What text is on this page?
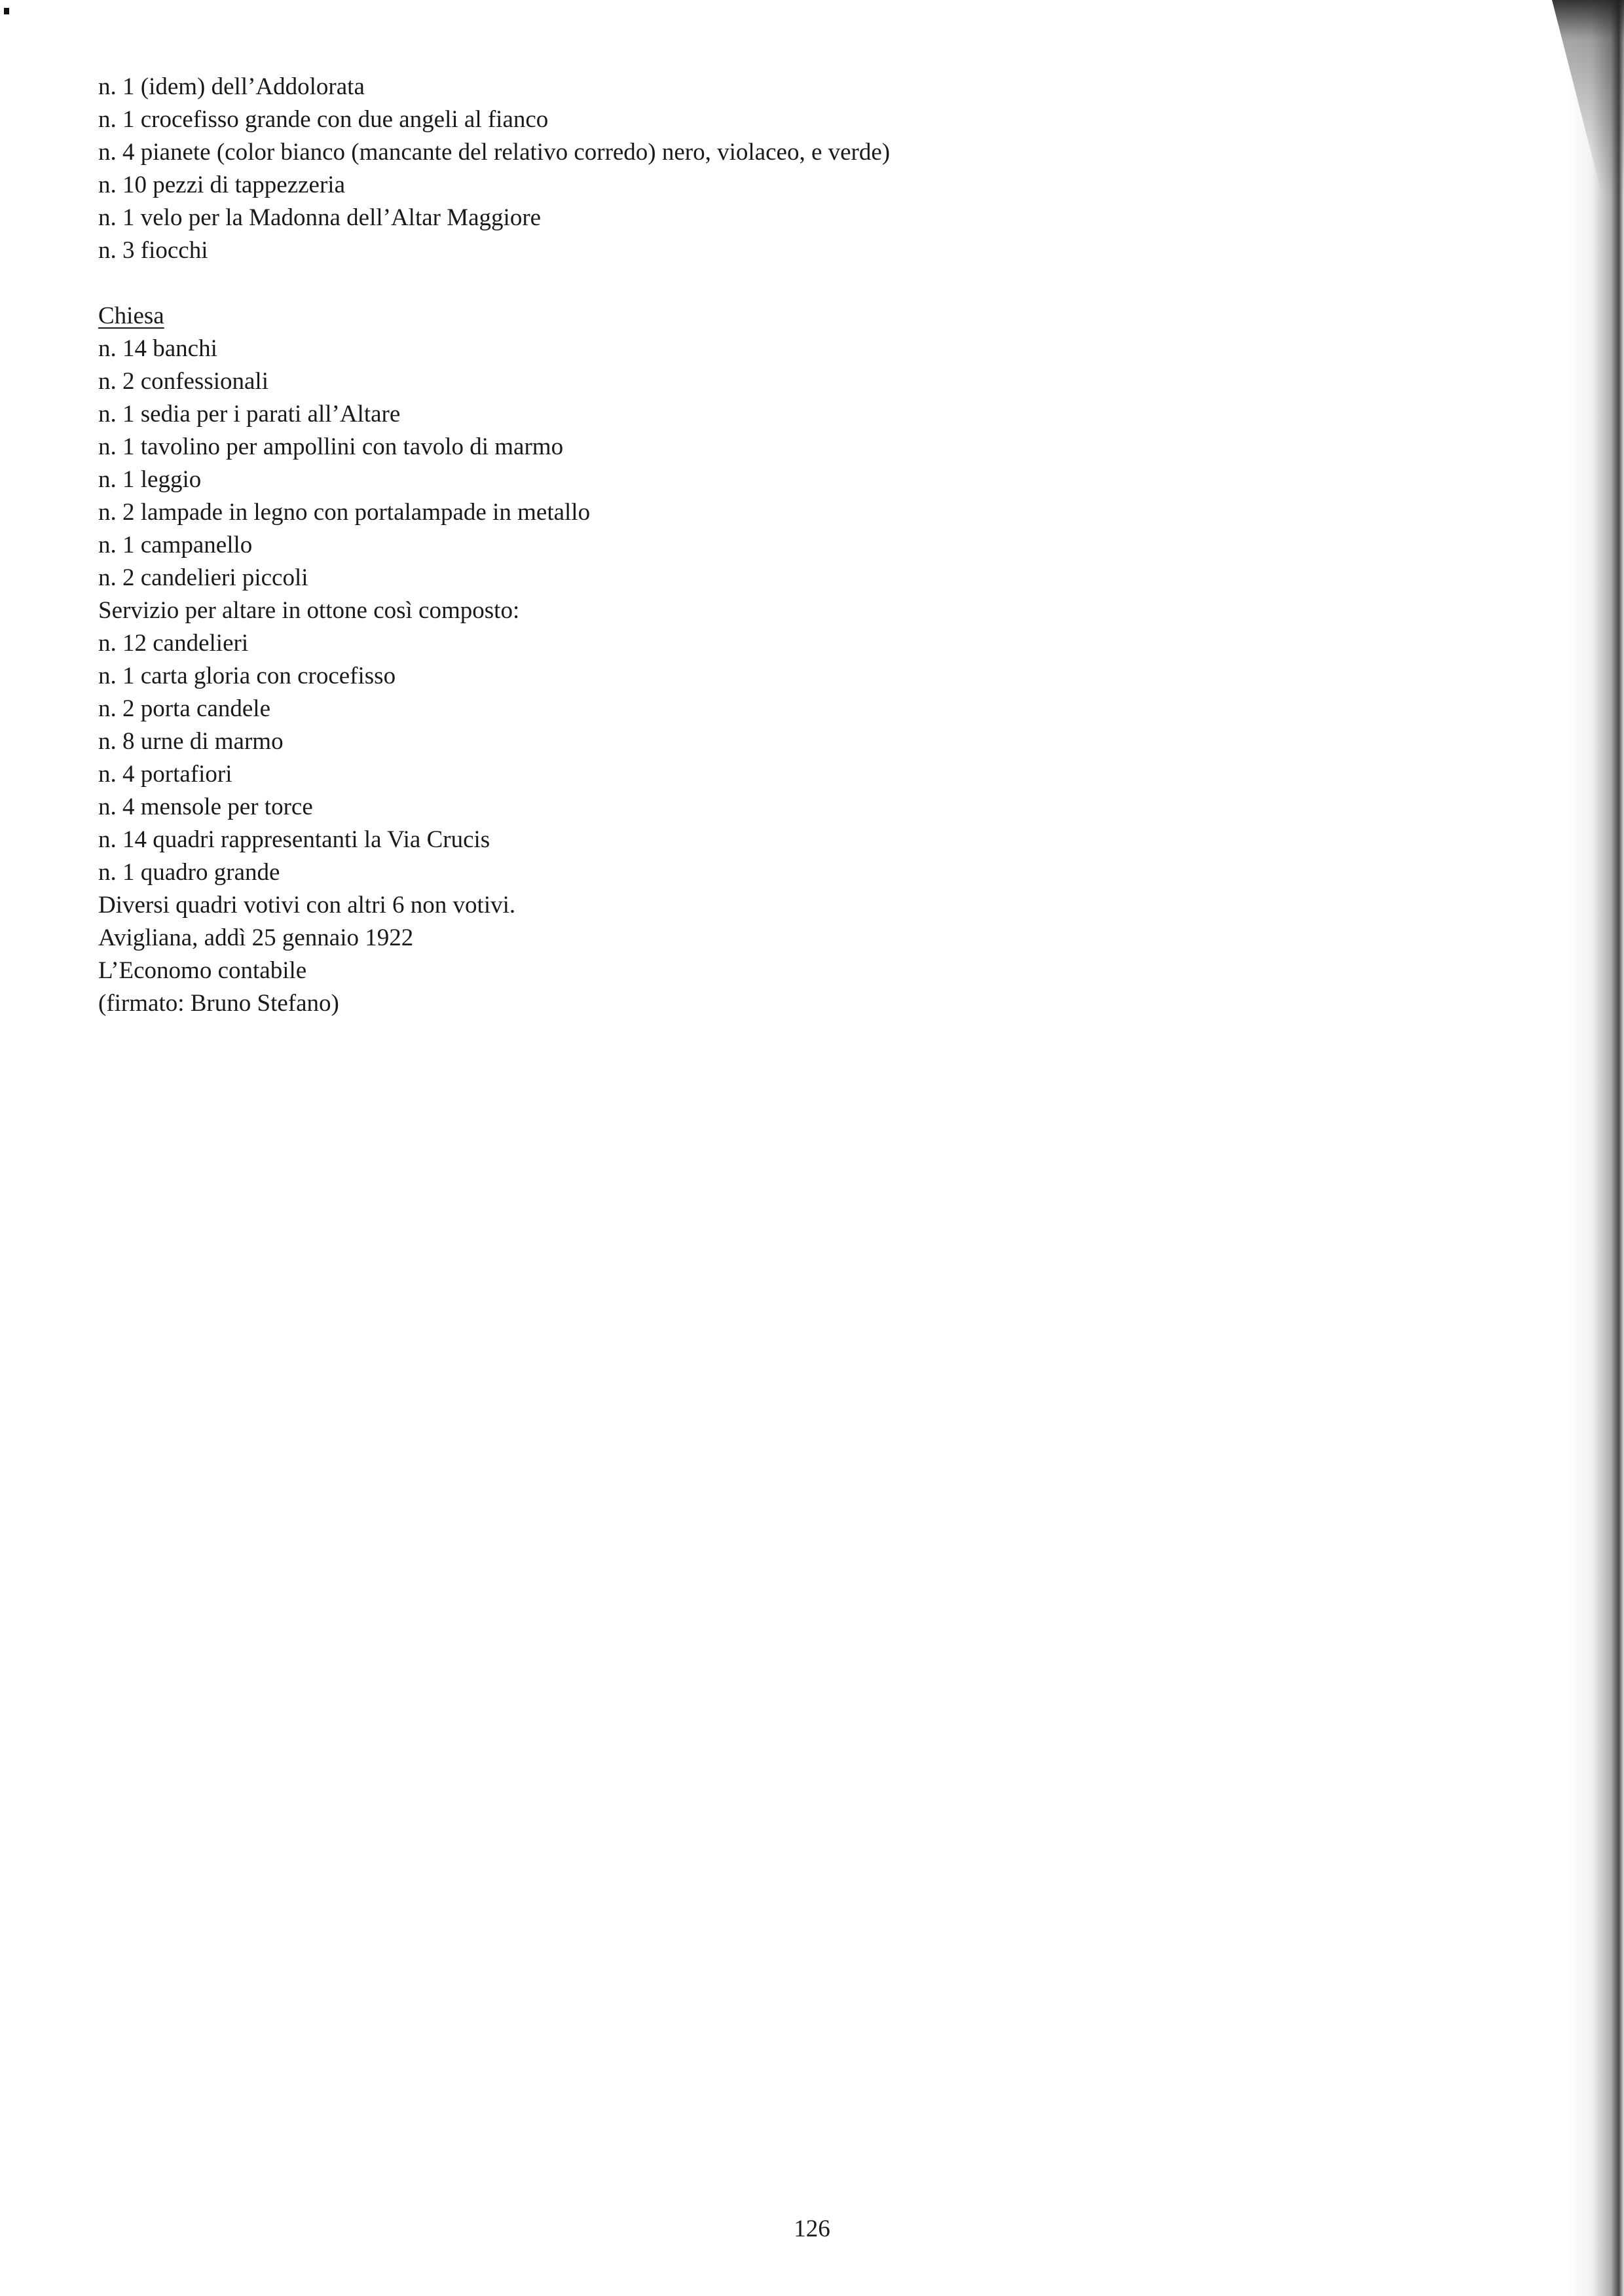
n. 1 (idem) dell’Addolorata
n. 1 crocefisso grande con due angeli al fianco
n. 4 pianete (color bianco (mancante del relativo corredo) nero, violaceo, e verde)
n. 10 pezzi di tappezzeria
n. 1 velo per la Madonna dell’Altar Maggiore
n. 3 fiocchi
Chiesa
n. 14 banchi
n. 2 confessionali
n. 1 sedia per i parati all’Altare
n. 1 tavolino per ampollini con tavolo di marmo
n. 1 leggio
n. 2 lampade in legno con portalampade in metallo
n. 1 campanello
n. 2 candelieri piccoli
Servizio per altare in ottone così composto:
n. 12 candelieri
n. 1 carta gloria con crocefisso
n. 2 porta candele
n. 8 urne di marmo
n. 4 portafiori
n. 4 mensole per torce
n. 14 quadri rappresentanti la Via Crucis
n. 1 quadro grande
Diversi quadri votivi con altri 6 non votivi.
Avigliana, addì 25 gennaio 1922
L’Economo contabile
(firmato: Bruno Stefano)
126
